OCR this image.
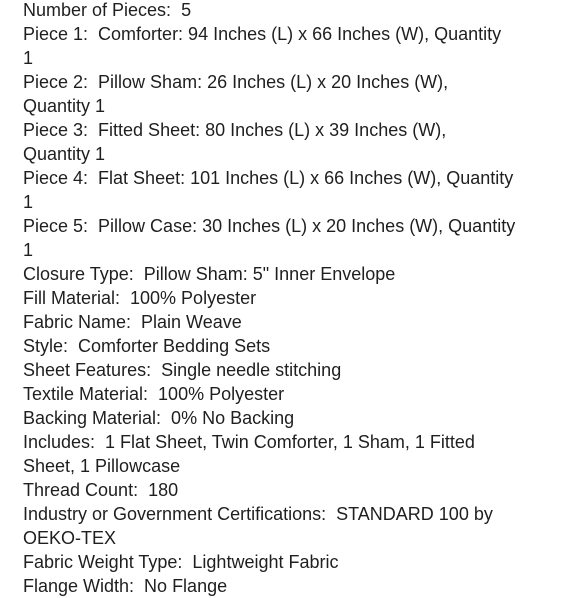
Number of Pieces:  5
Piece 1:  Comforter: 94 Inches (L) x 66 Inches (W), Quantity
1
Piece 2:  Pillow Sham: 26 Inches (L) x 20 Inches (W),
Quantity 1
Piece 3:  Fitted Sheet: 80 Inches (L) x 39 Inches (W),
Quantity 1
Piece 4:  Flat Sheet: 101 Inches (L) x 66 Inches (W), Quantity
1
Piece 5:  Pillow Case: 30 Inches (L) x 20 Inches (W), Quantity
1
Closure Type:  Pillow Sham: 5" Inner Envelope
Fill Material:  100% Polyester
Fabric Name:  Plain Weave
Style:  Comforter Bedding Sets
Sheet Features:  Single needle stitching
Textile Material:  100% Polyester
Backing Material:  0% No Backing
Includes:  1 Flat Sheet, Twin Comforter, 1 Sham, 1 Fitted
Sheet, 1 Pillowcase
Thread Count:  180
Industry or Government Certifications:  STANDARD 100 by
OEKO-TEX
Fabric Weight Type:  Lightweight Fabric
Flange Width:  No Flange
